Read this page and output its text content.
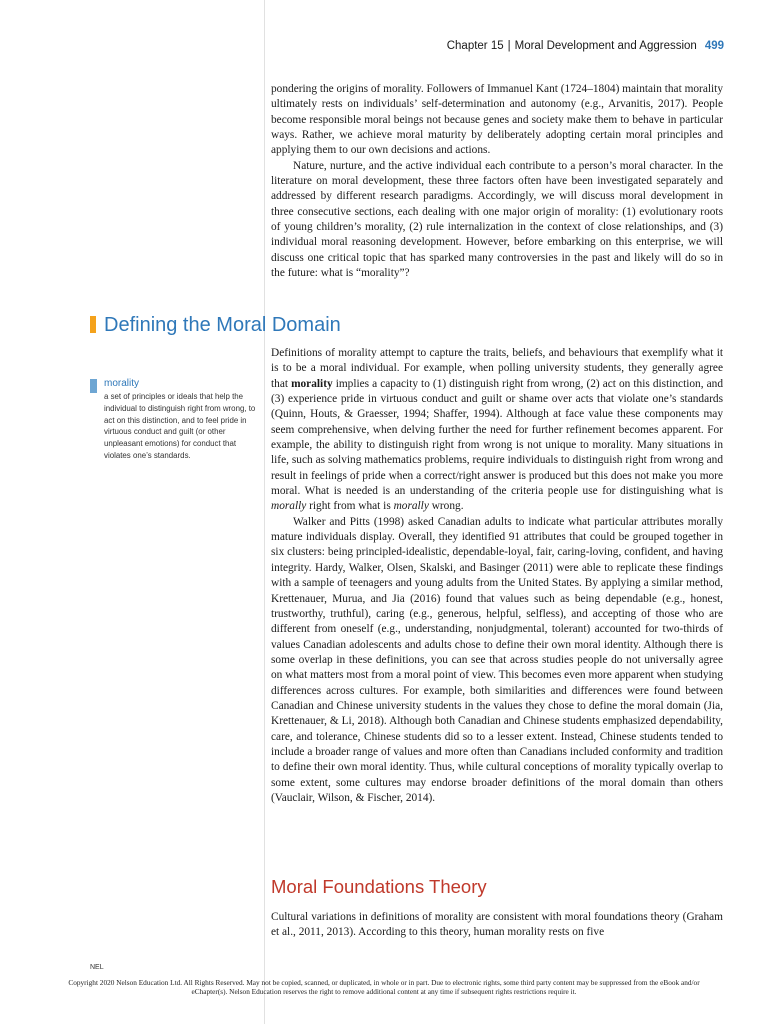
Chapter 15 | Moral Development and Aggression 499

pondering the origins of morality. Followers of Immanuel Kant (1724–1804) maintain that morality ultimately rests on individuals’ self-determination and autonomy (e.g., Arvanitis, 2017). People become responsible moral beings not because genes and society make them to behave in particular ways. Rather, we achieve moral maturity by deliberately adopting certain moral principles and applying them to our own decisions and actions.

Nature, nurture, and the active individual each contribute to a person’s moral character. In the literature on moral development, these three factors often have been investigated separately and addressed by different research paradigms. Accordingly, we will discuss moral development in three consecutive sections, each dealing with one major origin of morality: (1) evolutionary roots of young children’s morality, (2) rule internalization in the context of close relationships, and (3) individual moral reasoning development. However, before embarking on this enterprise, we will discuss one critical topic that has sparked many controversies in the past and likely will do so in the future: what is “morality”?

Defining the Moral Domain
morality
a set of principles or ideals that help the individual to distinguish right from wrong, to act on this distinction, and to feel pride in virtuous conduct and guilt (or other unpleasant emotions) for conduct that violates one’s standards.

Definitions of morality attempt to capture the traits, beliefs, and behaviours that exemplify what it is to be a moral individual. For example, when polling university students, they generally agree that morality implies a capacity to (1) distinguish right from wrong, (2) act on this distinction, and (3) experience pride in virtuous conduct and guilt or shame over acts that violate one’s standards (Quinn, Houts, & Graesser, 1994; Shaffer, 1994). Although at face value these components may seem comprehensive, when delving further the need for further refinement becomes apparent. For example, the ability to distinguish right from wrong is not unique to morality. Many situations in life, such as solving mathematics problems, require individuals to distinguish right from wrong and result in feelings of pride when a correct/right answer is produced but this does not make you more moral. What is needed is an understanding of the criteria people use for distinguishing what is morally right from what is morally wrong.

Walker and Pitts (1998) asked Canadian adults to indicate what particular attributes morally mature individuals display. Overall, they identified 91 attributes that could be grouped together in six clusters: being principled-idealistic, dependable-loyal, fair, caring-loving, confident, and having integrity. Hardy, Walker, Olsen, Skalski, and Basinger (2011) were able to replicate these findings with a sample of teenagers and young adults from the United States. By applying a similar method, Krettenauer, Murua, and Jia (2016) found that values such as being dependable (e.g., honest, trustworthy, truthful), caring (e.g., generous, helpful, selfless), and accepting of those who are different from oneself (e.g., understanding, nonjudgmental, tolerant) accounted for two-thirds of values Canadian adolescents and adults chose to define their own moral identity. Although there is some overlap in these definitions, you can see that across studies people do not universally agree on what matters most from a moral point of view. This becomes even more apparent when studying differences across cultures. For example, both similarities and differences were found between Canadian and Chinese university students in the values they chose to define the moral domain (Jia, Krettenauer, & Li, 2018). Although both Canadian and Chinese students emphasized dependability, care, and tolerance, Chinese students did so to a lesser extent. Instead, Chinese students tended to include a broader range of values and more often than Canadians included conformity and tradition to define their own moral identity. Thus, while cultural conceptions of morality typically overlap to some extent, some cultures may endorse broader definitions of the moral domain than others (Vauclair, Wilson, & Fischer, 2014).

Moral Foundations Theory

Cultural variations in definitions of morality are consistent with moral foundations theory (Graham et al., 2011, 2013). According to this theory, human morality rests on five

NEL
Copyright 2020 Nelson Education Ltd. All Rights Reserved. May not be copied, scanned, or duplicated, in whole or in part. Due to electronic rights, some third party content may be suppressed from the eBook and/or eChapter(s). Nelson Education reserves the right to remove additional content at any time if subsequent rights restrictions require it.
